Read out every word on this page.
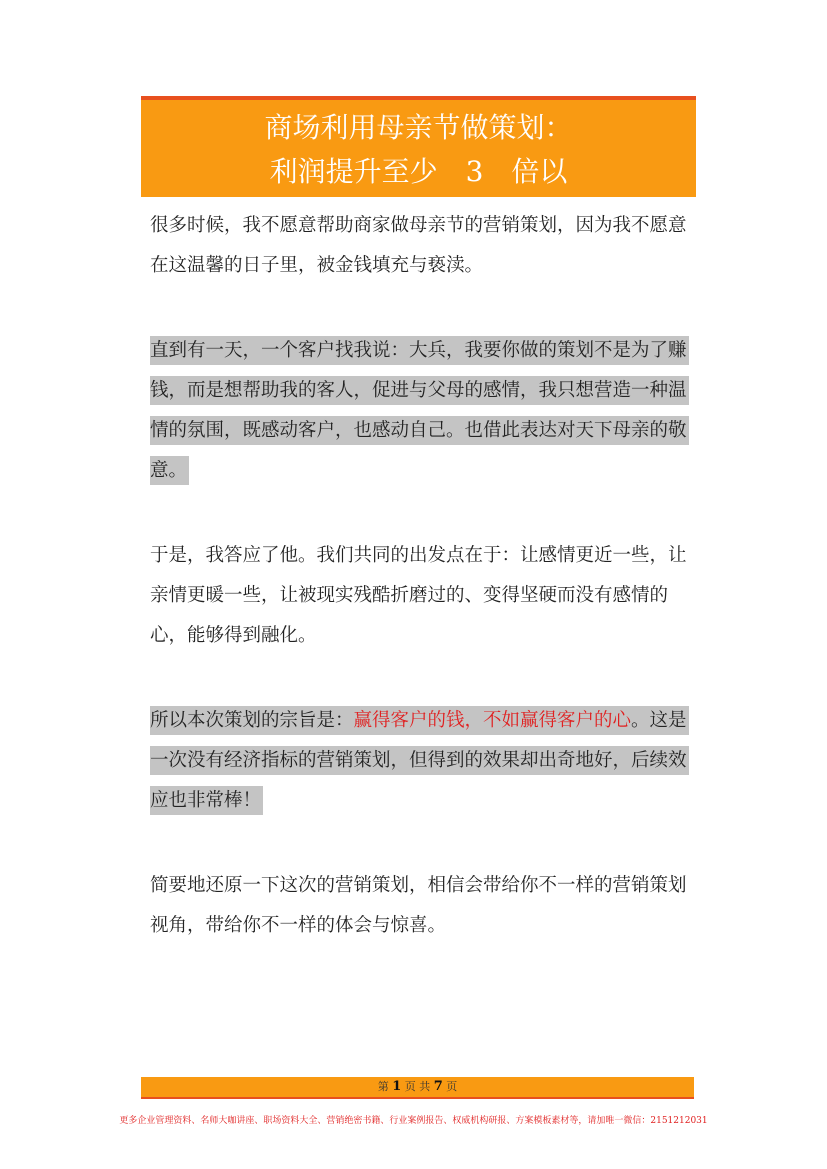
商场利用母亲节做策划：
利润提升至少　3　倍以

很多时候，我不愿意帮助商家做母亲节的营销策划，因为我不愿意在这温馨的日子里，被金钱填充与亵渎。

直到有一天，一个客户找我说：大兵，我要你做的策划不是为了赚钱，而是想帮助我的客人，促进与父母的感情，我只想营造一种温情的氛围，既感动客户，也感动自己。也借此表达对天下母亲的敬意。

于是，我答应了他。我们共同的出发点在于：让感情更近一些，让亲情更暖一些，让被现实残酷折磨过的、变得坚硬而没有感情的心，能够得到融化。

所以本次策划的宗旨是：赢得客户的钱，不如赢得客户的心。这是一次没有经济指标的营销策划，但得到的效果却出奇地好，后续效应也非常棒！

简要地还原一下这次的营销策划，相信会带给你不一样的营销策划视角，带给你不一样的体会与惊喜。

第 1 页 共 7 页
更多企业管理资料、名师大咖讲座、职场资料大全、营销绝密书籍、行业案例报告、权威机构研报、方案模板素材等，请加唯一微信：2151212031
